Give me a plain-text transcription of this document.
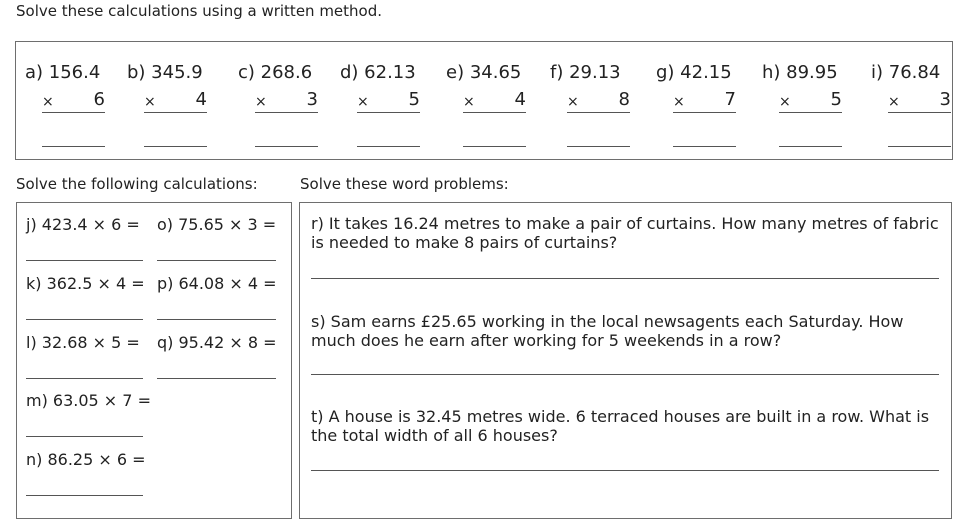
Solve these calculations using a written method.
a) 156.4
× 6
b) 345.9
× 4
c) 268.6
× 3
d) 62.13
× 5
e) 34.65
× 4
f) 29.13
× 8
g) 42.15
× 7
h) 89.95
× 5
i) 76.84
× 3
Solve the following calculations:	Solve these word problems:
j) 423.4 × 6 =
k) 362.5 × 4 =
l) 32.68 × 5 =
m) 63.05 × 7 =
n) 86.25 × 6 =
o) 75.65 × 3 =
p) 64.08 × 4 =
q) 95.42 × 8 =
r) It takes 16.24 metres to make a pair of curtains. How many metres of fabric is needed to make 8 pairs of curtains?
s) Sam earns £25.65 working in the local newsagents each Saturday. How much does he earn after working for 5 weekends in a row?
t) A house is 32.45 metres wide. 6 terraced houses are built in a row. What is the total width of all 6 houses?
